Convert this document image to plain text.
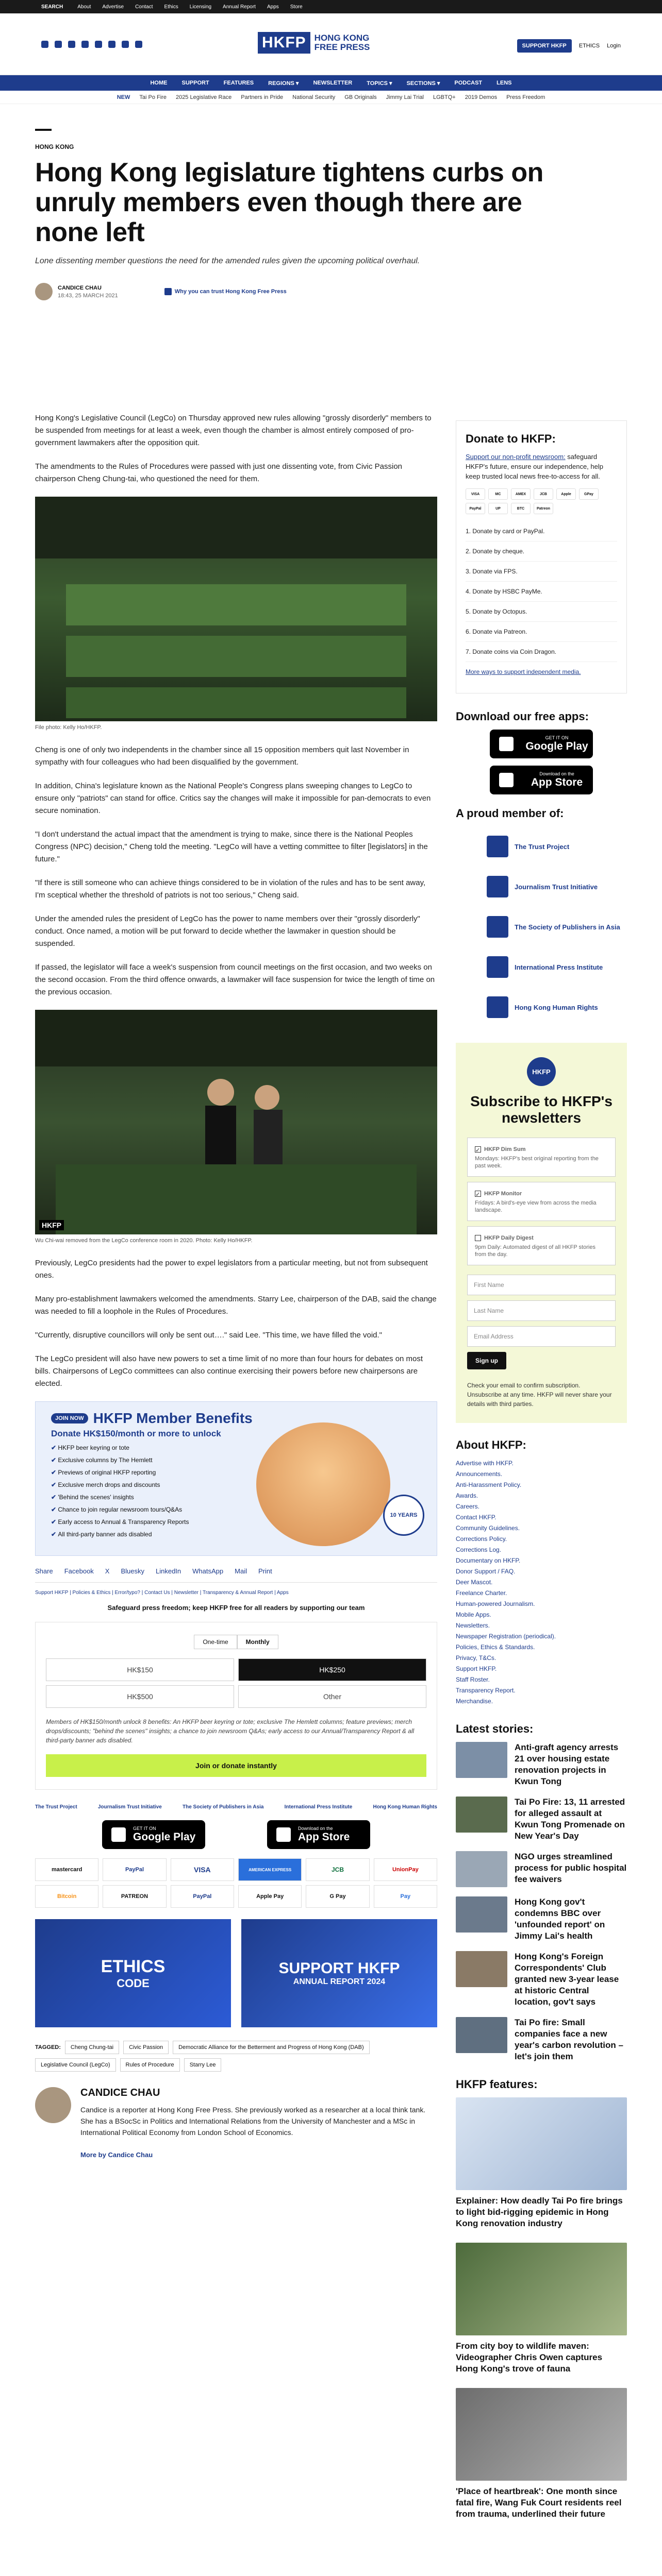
SEARCH	About Advertise Contact Ethics Licensing Annual Report Apps Store
HKFP HONG KONG
FREE PRESS	SUPPORT HKFP	ETHICS Login
HOME	SUPPORT	FEATURES	REGIONS ▾	NEWSLETTER	TOPICS ▾	SECTIONS ▾	PODCAST	LENS
NEW Tai Po Fire 2025 Legislative Race Partners in Pride National Security GB Originals Jimmy Lai Trial LGBTQ+ 2019 Demos Press Freedom
HONG KONG
Hong Kong legislature tightens curbs on unruly members even though there are none left
Lone dissenting member questions the need for the amended rules given the upcoming political overhaul.
CANDICE CHAU
18:43, 25 MARCH 2021
Why you can trust Hong Kong Free Press

Hong Kong's Legislative Council (LegCo) on Thursday approved new rules allowing "grossly disorderly" members to be suspended from meetings for at least a week, even though the chamber is almost entirely composed of pro-government lawmakers after the opposition quit.

The amendments to the Rules of Procedures were passed with just one dissenting vote, from Civic Passion chairperson Cheng Chung-tai, who questioned the need for them.

File photo: Kelly Ho/HKFP.

Cheng is one of only two independents in the chamber since all 15 opposition members quit last November in sympathy with four colleagues who had been disqualified by the government.

In addition, China's legislature known as the National People's Congress plans sweeping changes to LegCo to ensure only "patriots" can stand for office. Critics say the changes will make it impossible for pan-democrats to even secure nomination.

"I don't understand the actual impact that the amendment is trying to make, since there is the National Peoples Congress (NPC) decision," Cheng told the meeting. "LegCo will have a vetting committee to filter [legislators] in the future."

"If there is still someone who can achieve things considered to be in violation of the rules and has to be sent away, I'm sceptical whether the threshold of patriots is not too serious," Cheng said.

Under the amended rules the president of LegCo has the power to name members over their "grossly disorderly" conduct. Once named, a motion will be put forward to decide whether the lawmaker in question should be suspended.

If passed, the legislator will face a week's suspension from council meetings on the first occasion, and two weeks on the second occasion. From the third offence onwards, a lawmaker will face suspension for twice the length of time on the previous occasion.

HKFP
Wu Chi-wai removed from the LegCo conference room in 2020. Photo: Kelly Ho/HKFP.

Previously, LegCo presidents had the power to expel legislators from a particular meeting, but not from subsequent ones.

Many pro-establishment lawmakers welcomed the amendments. Starry Lee, chairperson of the DAB, said the change was needed to fill a loophole in the Rules of Procedures.

"Currently, disruptive councillors will only be sent out…." said Lee. "This time, we have filled the void."

The LegCo president will also have new powers to set a time limit of no more than four hours for debates on most bills. Chairpersons of LegCo committees can also continue exercising their powers before new chairpersons are elected.

JOIN NOW HKFP Member Benefits
Donate HK$150/month or more to unlock
✔ HKFP beer keyring or tote
✔ Exclusive columns by The Hemlett
✔ Previews of original HKFP reporting
✔ Exclusive merch drops and discounts
✔ 'Behind the scenes' insights
✔ Chance to join regular newsroom tours/Q&As
✔ Early access to Annual & Transparency Reports
✔ All third-party banner ads disabled
10 YEARS
Share Facebook X Bluesky LinkedIn WhatsApp Mail Print
Support HKFP | Policies & Ethics | Error/typo? | Contact Us | Newsletter | Transparency & Annual Report | Apps
Safeguard press freedom; keep HKFP free for all readers by supporting our team
One-time	Monthly
HK$150	HK$250
HK$500	Other
Members of HK$150/month unlock 8 benefits: An HKFP beer keyring or tote; exclusive The Hemlett columns; feature previews; merch drops/discounts; "behind the scenes" insights; a chance to join newsroom Q&As; early access to our Annual/Transparency Report & all third-party banner ads disabled.
Join or donate instantly
The Trust Project	Journalism Trust Initiative	The Society of Publishers in Asia	International Press Institute	Hong Kong Human Rights
GET IT ON
Google Play
Download on the
App Store
mastercard	PayPal	VISA	AMERICAN EXPRESS	JCB	UnionPay
Bitcoin	PATREON	PayPal	Apple Pay	G Pay	Pay
ETHICS
CODE
SUPPORT HKFP
ANNUAL REPORT 2024
TAGGED:	Cheng Chung-tai	Civic Passion	Democratic Alliance for the Betterment and Progress of Hong Kong (DAB)
Legislative Council (LegCo)	Rules of Procedure	Starry Lee
CANDICE CHAU

Candice is a reporter at Hong Kong Free Press. She previously worked as a researcher at a local think tank. She has a BSocSc in Politics and International Relations from the University of Manchester and a MSc in International Political Economy from London School of Economics.

More by Candice Chau

Donate to HKFP:
Support our non-profit newsroom: safeguard HKFP's future, ensure our independence, help keep trusted local news free-to-access for all.
VISA	MC	AMEX	JCB	Apple	GPay
PayPal	UP	BTC	Patreon
1. Donate by card or PayPal.
2. Donate by cheque.
3. Donate via FPS.
4. Donate by HSBC PayMe.
5. Donate by Octopus.
6. Donate via Patreon.
7. Donate coins via Coin Dragon.
More ways to support independent media.
Download our free apps:
GET IT ON
Google Play
Download on the
App Store
A proud member of:
The Trust Project
Journalism Trust Initiative
The Society of Publishers in Asia
International Press Institute
Hong Kong Human Rights
HKFP
Subscribe to HKFP's newsletters
✓ HKFP Dim Sum
Mondays: HKFP's best original reporting from the past week.
✓ HKFP Monitor
Fridays: A bird's-eye view from across the media landscape.
HKFP Daily Digest
9pm Daily: Automated digest of all HKFP stories from the day.
First Name
Last Name
Email Address
Sign up
Check your email to confirm subscription. Unsubscribe at any time. HKFP will never share your details with third parties.
About HKFP:
Advertise with HKFP.
Announcements.
Anti-Harassment Policy.
Awards.
Careers.
Contact HKFP.
Community Guidelines.
Corrections Policy.
Corrections Log.
Documentary on HKFP.
Donor Support / FAQ.
Deer Mascot.
Freelance Charter.
Human-powered Journalism.
Mobile Apps.
Newsletters.
Newspaper Registration (periodical).
Policies, Ethics & Standards.
Privacy, T&Cs.
Support HKFP.
Staff Roster.
Transparency Report.
Merchandise.
Latest stories:
Anti-graft agency arrests 21 over housing estate renovation projects in Kwun Tong
Tai Po Fire: 13, 11 arrested for alleged assault at Kwun Tong Promenade on New Year's Day
NGO urges streamlined process for public hospital fee waivers
Hong Kong gov't condemns BBC over 'unfounded report' on Jimmy Lai's health
Hong Kong's Foreign Correspondents' Club granted new 3-year lease at historic Central location, gov't says
Tai Po fire: Small companies face a new year's carbon revolution – let's join them
HKFP features:
Explainer: How deadly Tai Po fire brings to light bid-rigging epidemic in Hong Kong renovation industry
From city boy to wildlife maven: Videographer Chris Owen captures Hong Kong's trove of fauna
'Place of heartbreak': One month since fatal fire, Wang Fuk Court residents reel from trauma, underlined their future
